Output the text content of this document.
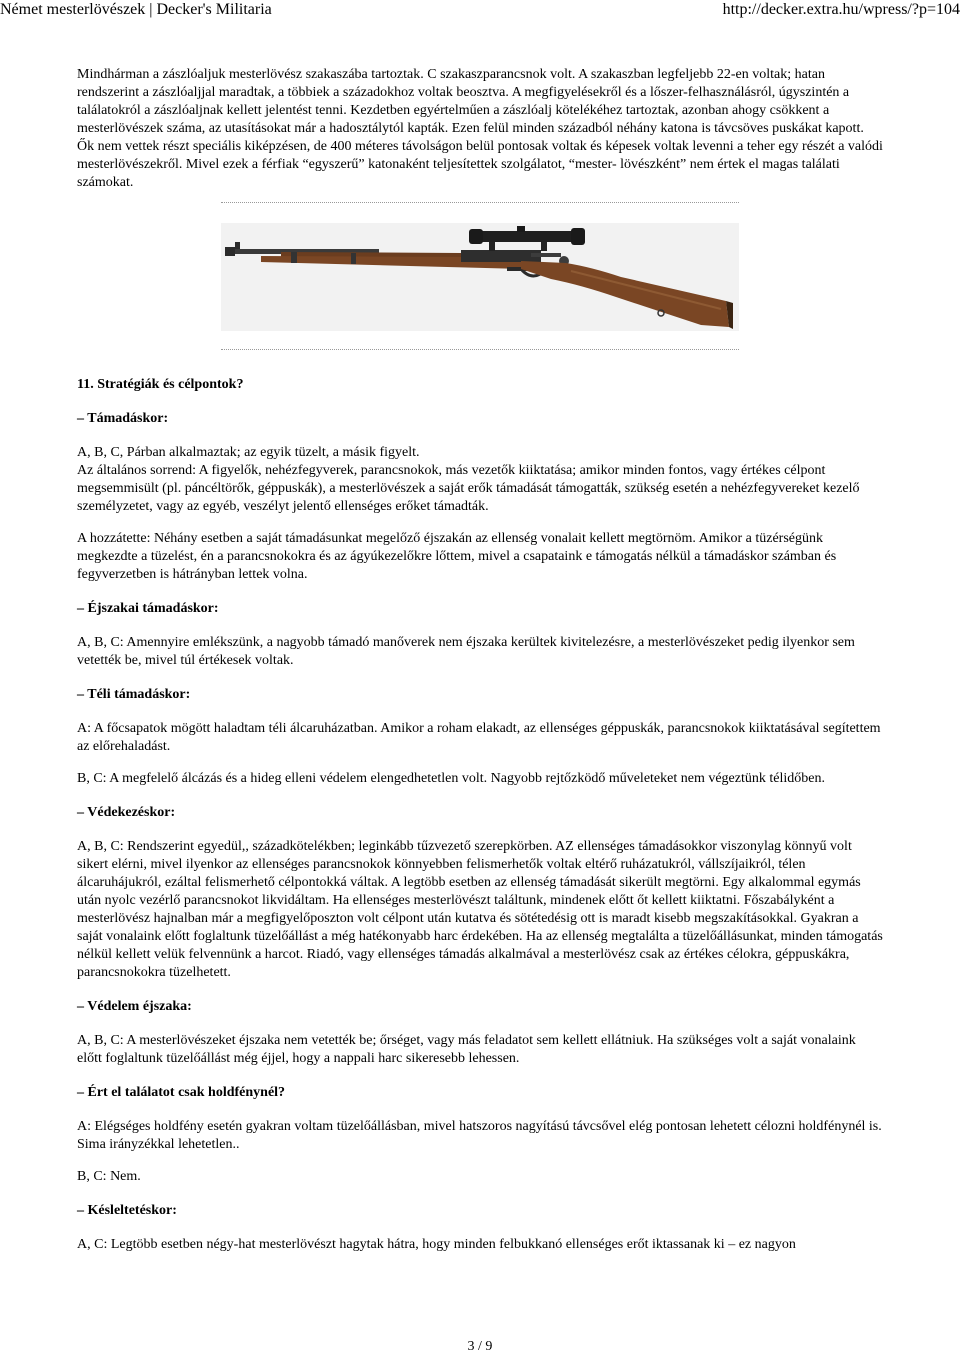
Német mesterlövészek | Decker's Militaria	http://decker.extra.hu/wpress/?p=104

Mindhárman a zászlóaljuk mesterlövész szakaszába tartoztak. C szakaszparancsnok volt. A szakaszban legfeljebb 22-en voltak; hatan rendszerint a zászlóaljjal maradtak, a többiek a századokhoz voltak beosztva. A megfigyelésekről és a lőszer-felhasználásról, úgyszintén a találatokról a zászlóaljnak kellett jelentést tenni. Kezdetben egyértelműen a zászlóalj kötelékéhez tartoztak, azonban ahogy csökkent a mesterlövészek száma, az utasításokat már a hadosztálytól kapták. Ezen felül minden századból néhány katona is távcsöves puskákat kapott. Ők nem vettek részt speciális kiképzésen, de 400 méteres távolságon belül pontosak voltak és képesek voltak levenni a teher egy részét a valódi mesterlövészekről. Mivel ezek a férfiak “egyszerű” katonaként teljesítettek szolgálatot, “mester- lövészként” nem értek el magas találati számokat.

11. Stratégiák és célpontok?
– Támadáskor:

A, B, C, Párban alkalmaztak; az egyik tüzelt, a másik figyelt.

Az általános sorrend: A figyelők, nehézfegyverek, parancsnokok, más vezetők kiiktatása; amikor minden fontos, vagy értékes célpont megsemmisült (pl. páncéltörők, géppuskák), a mesterlövészek a saját erők támadását támogatták, szükség esetén a nehézfegyvereket kezelő személyzetet, vagy az egyéb, veszélyt jelentő ellenséges erőket támadták.

A hozzátette: Néhány esetben a saját támadásunkat megelőző éjszakán az ellenség vonalait kellett megtörnöm. Amikor a tüzérségünk megkezdte a tüzelést, én a parancsnokokra és az ágyúkezelőkre lőttem, mivel a csapataink e támogatás nélkül a támadáskor számban és fegyverzetben is hátrányban lettek volna.

– Éjszakai támadáskor:

A, B, C: Amennyire emlékszünk, a nagyobb támadó manőverek nem éjszaka kerültek kivitelezésre, a mesterlövészeket pedig ilyenkor sem vetették be, mivel túl értékesek voltak.

– Téli támadáskor:

A: A főcsapatok mögött haladtam téli álcaruházatban. Amikor a roham elakadt, az ellenséges géppuskák, parancsnokok kiiktatásával segítettem az előrehaladást.

B, C: A megfelelő álcázás és a hideg elleni védelem elengedhetetlen volt. Nagyobb rejtőzködő műveleteket nem végeztünk télidőben.

– Védekezéskor:

A, B, C: Rendszerint egyedül,, századkötelékben; leginkább tűzvezető szerepkörben. AZ ellenséges támadásokkor viszonylag könnyű volt sikert elérni, mivel ilyenkor az ellenséges parancsnokok könnyebben felismerhetők voltak eltérő ruházatukról, vállszíjaikról, télen álcaruhájukról, ezáltal felismerhető célpontokká váltak. A legtöbb esetben az ellenség támadását sikerült megtörni. Egy alkalommal egymás után nyolc vezérlő parancsnokot likvidáltam. Ha ellenséges mesterlövészt találtunk, mindenek előtt őt kellett kiiktatni. Főszabályként a mesterlövész hajnalban már a megfigyelőposzton volt célpont után kutatva és sötétedésig ott is maradt kisebb megszakításokkal. Gyakran a saját vonalaink előtt foglaltunk tüzelőállást a még hatékonyabb harc érdekében. Ha az ellenség megtalálta a tüzelőállásunkat, minden támogatás nélkül kellett velük felvennünk a harcot. Riadó, vagy ellenséges támadás alkalmával a mesterlövész csak az értékes célokra, géppuskákra, parancsnokokra tüzelhetett.

– Védelem éjszaka:

A, B, C: A mesterlövészeket éjszaka nem vetették be; őrséget, vagy más feladatot sem kellett ellátniuk. Ha szükséges volt a saját vonalaink előtt foglaltunk tüzelőállást még éjjel, hogy a nappali harc sikeresebb lehessen.

– Ért el találatot csak holdfénynél?

A: Elégséges holdfény esetén gyakran voltam tüzelőállásban, mivel hatszoros nagyítású távcsővel elég pontosan lehetett célozni holdfénynél is. Sima irányzékkal lehetetlen..

B, C: Nem.

– Késleltetéskor:

A, C: Legtöbb esetben négy-hat mesterlövészt hagytak hátra, hogy minden felbukkanó ellenséges erőt iktassanak ki – ez nagyon

3 / 9
